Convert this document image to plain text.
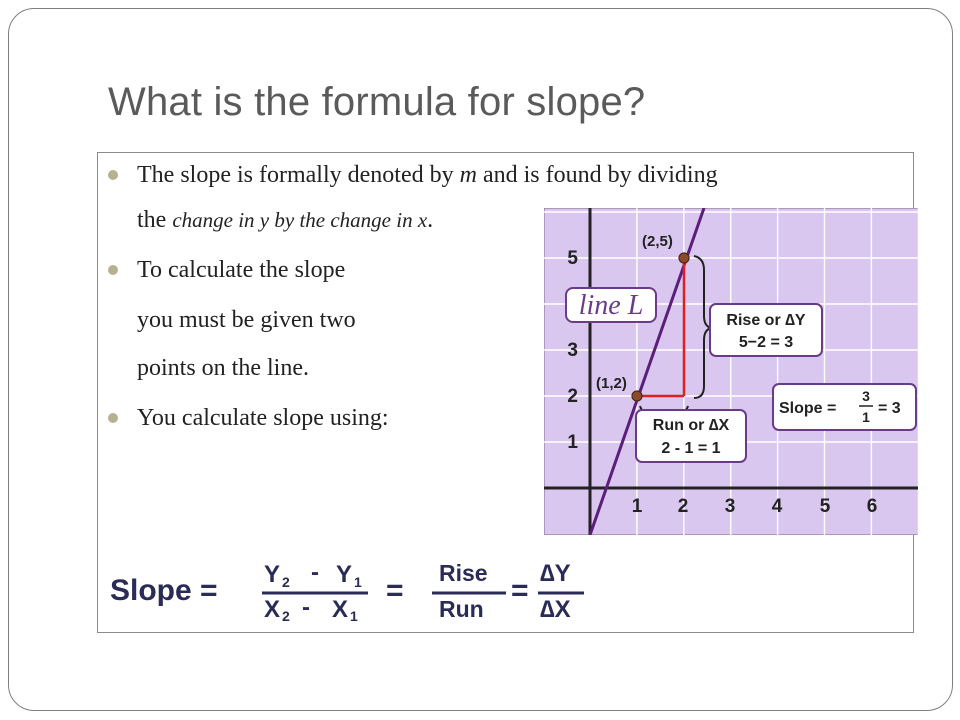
What is the formula for slope?
The slope is formally denoted by m and is found by dividing
the change in y by the change in x.
To calculate the slope
you must be given two
points on the line.
You calculate slope using:
5
3
2
1
1 2 3 4 5 6
(2,5)
(1,2)
line L	Rise or ∆Y
5−2 = 3
Run or ∆X
2 - 1 = 1
Slope =
3
1 = 3
Slope = Y 2 - Y 1
X 2 - X 1
=
Rise
Run
=
∆Y
∆X
